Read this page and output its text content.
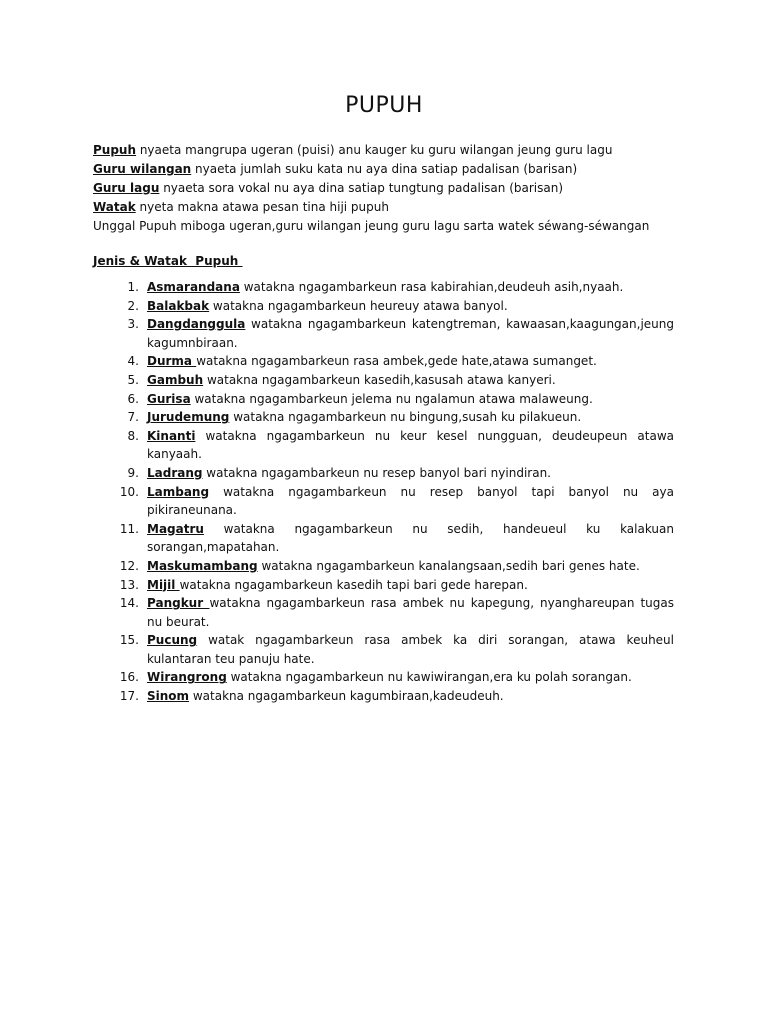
PUPUH
Pupuh nyaeta mangrupa ugeran (puisi) anu kauger ku guru wilangan jeung guru lagu
Guru wilangan nyaeta jumlah suku kata nu aya dina satiap padalisan (barisan)
Guru lagu nyaeta sora vokal nu aya dina satiap tungtung padalisan (barisan)
Watak nyeta makna atawa pesan tina hiji pupuh
Unggal Pupuh miboga ugeran,guru wilangan jeung guru lagu sarta watek séwang-séwangan
Jenis & Watak  Pupuh
1. Asmarandana watakna ngagambarkeun rasa kabirahian,deudeuh asih,nyaah.
2. Balakbak watakna ngagambarkeun heureuy atawa banyol.
3. Dangdanggula watakna ngagambarkeun katengtreman, kawaasan,kaagungan,jeung kagumnbiraan.
4. Durma watakna ngagambarkeun rasa ambek,gede hate,atawa sumanget.
5. Gambuh watakna ngagambarkeun kasedih,kasusah atawa kanyeri.
6. Gurisa watakna ngagambarkeun jelema nu ngalamun atawa malaweung.
7. Jurudemung watakna ngagambarkeun nu bingung,susah ku pilakueun.
8. Kinanti watakna ngagambarkeun nu keur kesel nungguan, deudeupeun atawa kanyaah.
9. Ladrang watakna ngagambarkeun nu resep banyol bari nyindiran.
10. Lambang watakna ngagambarkeun nu resep banyol tapi banyol nu aya pikiraneunana.
11. Magatru watakna ngagambarkeun nu sedih, handeueul ku kalakuan sorangan,mapatahan.
12. Maskumambang watakna ngagambarkeun kanalangsaan,sedih bari genes hate.
13. Mijil watakna ngagambarkeun kasedih tapi bari gede harepan.
14. Pangkur watakna ngagambarkeun rasa ambek nu kapegung, nyanghareupan tugas nu beurat.
15. Pucung watak ngagambarkeun rasa ambek ka diri sorangan, atawa keuheul kulantaran teu panuju hate.
16. Wirangrong watakna ngagambarkeun nu kawiwirangan,era ku polah sorangan.
17. Sinom watakna ngagambarkeun kagumbiraan,kadeudeuh.
